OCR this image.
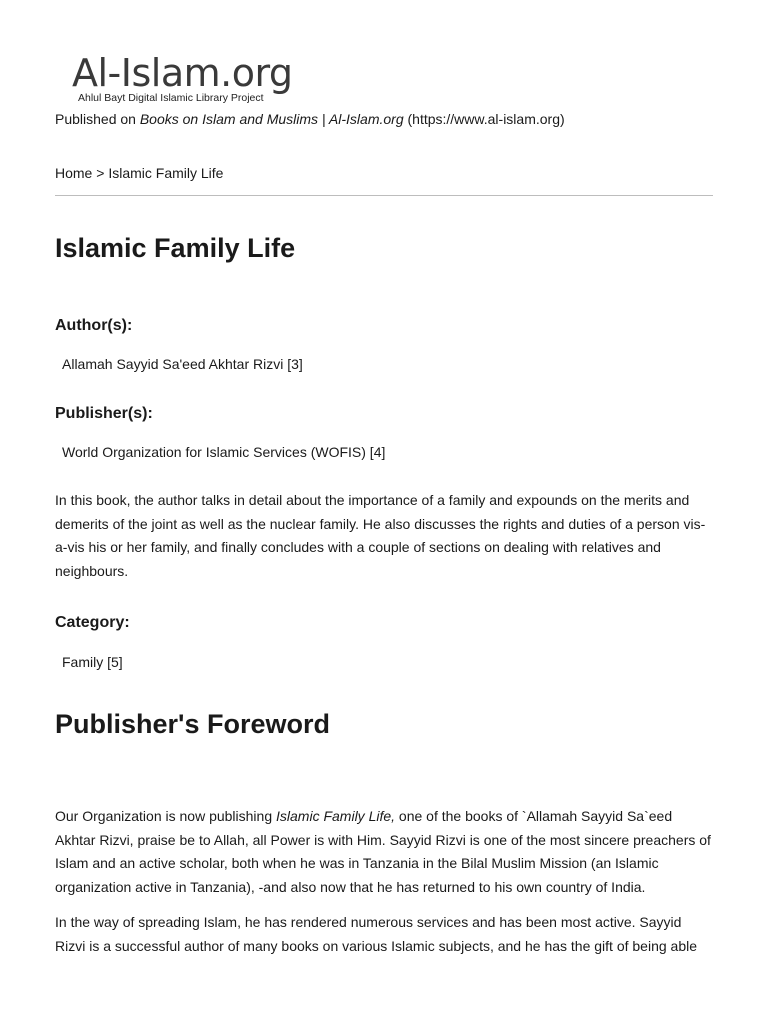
Al-Islam.org
Ahlul Bayt Digital Islamic Library Project
Published on Books on Islam and Muslims | Al-Islam.org (https://www.al-islam.org)
Home > Islamic Family Life
Islamic Family Life
Author(s):
Allamah Sayyid Sa'eed Akhtar Rizvi [3]
Publisher(s):
World Organization for Islamic Services (WOFIS) [4]

In this book, the author talks in detail about the importance of a family and expounds on the merits and demerits of the joint as well as the nuclear family. He also discusses the rights and duties of a person vis-a-vis his or her family, and finally concludes with a couple of sections on dealing with relatives and neighbours.

Category:
Family [5]
Publisher's Foreword

Our Organization is now publishing Islamic Family Life, one of the books of `Allamah Sayyid Sa`eed Akhtar Rizvi, praise be to Allah, all Power is with Him. Sayyid Rizvi is one of the most sincere preachers of Islam and an active scholar, both when he was in Tanzania in the Bilal Muslim Mission (an Islamic organization active in Tanzania), -and also now that he has returned to his own country of India.

In the way of spreading Islam, he has rendered numerous services and has been most active. Sayyid Rizvi is a successful author of many books on various Islamic subjects, and he has the gift of being able
